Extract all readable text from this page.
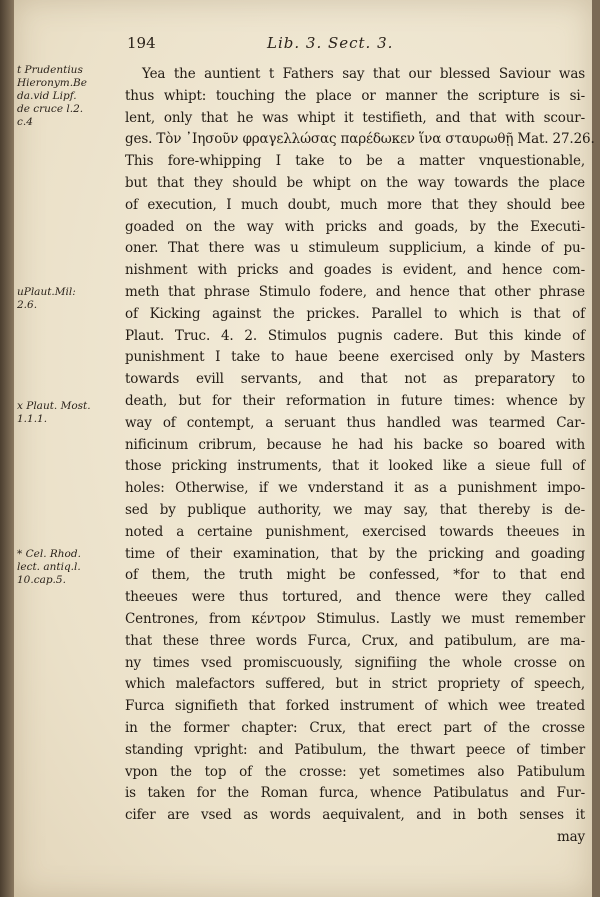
194	Lib. 3. Sect. 3.
t Prudentius
Hieronym.Be
da.vid Lipf.
de cruce l.2.
c.4
uPlaut.Mil:
2.6.
x Plaut. Most.
1.1.1.
* Cel. Rhod.
lect. antiq.l.
10.cap.5.
Yea the auntient t Fathers say that our blessed Saviour was
thus whipt: touching the place or manner the scripture is si-
lent, only that he was whipt it testifieth, and that with scour-
ges. Τὸν ᾽Ιησοῦν φραγελλώσας παρέδωκεν ἵνα σταυρωθῇ Mat. 27.26.
This fore-whipping I take to be a matter vnquestionable,
but that they should be whipt on the way towards the place
of execution, I much doubt, much more that they should bee
goaded on the way with pricks and goads, by the Executi-
oner. That there was u stimuleum supplicium, a kinde of pu-
nishment with pricks and goades is evident, and hence com-
meth that phrase Stimulo fodere, and hence that other phrase
of Kicking against the prickes. Parallel to which is that of
Plaut. Truc. 4. 2. Stimulos pugnis cadere. But this kinde of
punishment I take to haue beene exercised only by Masters
towards evill servants, and that not as preparatory to
death, but for their reformation in future times: whence by
way of contempt, a seruant thus handled was tearmed Car-
nificinum cribrum, because he had his backe so boared with
those pricking instruments, that it looked like a sieue full of
holes: Otherwise, if we vnderstand it as a punishment impo-
sed by publique authority, we may say, that thereby is de-
noted a certaine punishment, exercised towards theeues in
time of their examination, that by the pricking and goading
of them, the truth might be confessed, *for to that end
theeues were thus tortured, and thence were they called
Centrones, from κέντρον Stimulus. Lastly we must remember
that these three words Furca, Crux, and patibulum, are ma-
ny times vsed promiscuously, signifiing the whole crosse on
which malefactors suffered, but in strict propriety of speech,
Furca signifieth that forked instrument of which wee treated
in the former chapter: Crux, that erect part of the crosse
standing vpright: and Patibulum, the thwart peece of timber
vpon the top of the crosse: yet sometimes also Patibulum
is taken for the Roman furca, whence Patibulatus and Fur-
cifer are vsed as words aequivalent, and in both senses it
may
